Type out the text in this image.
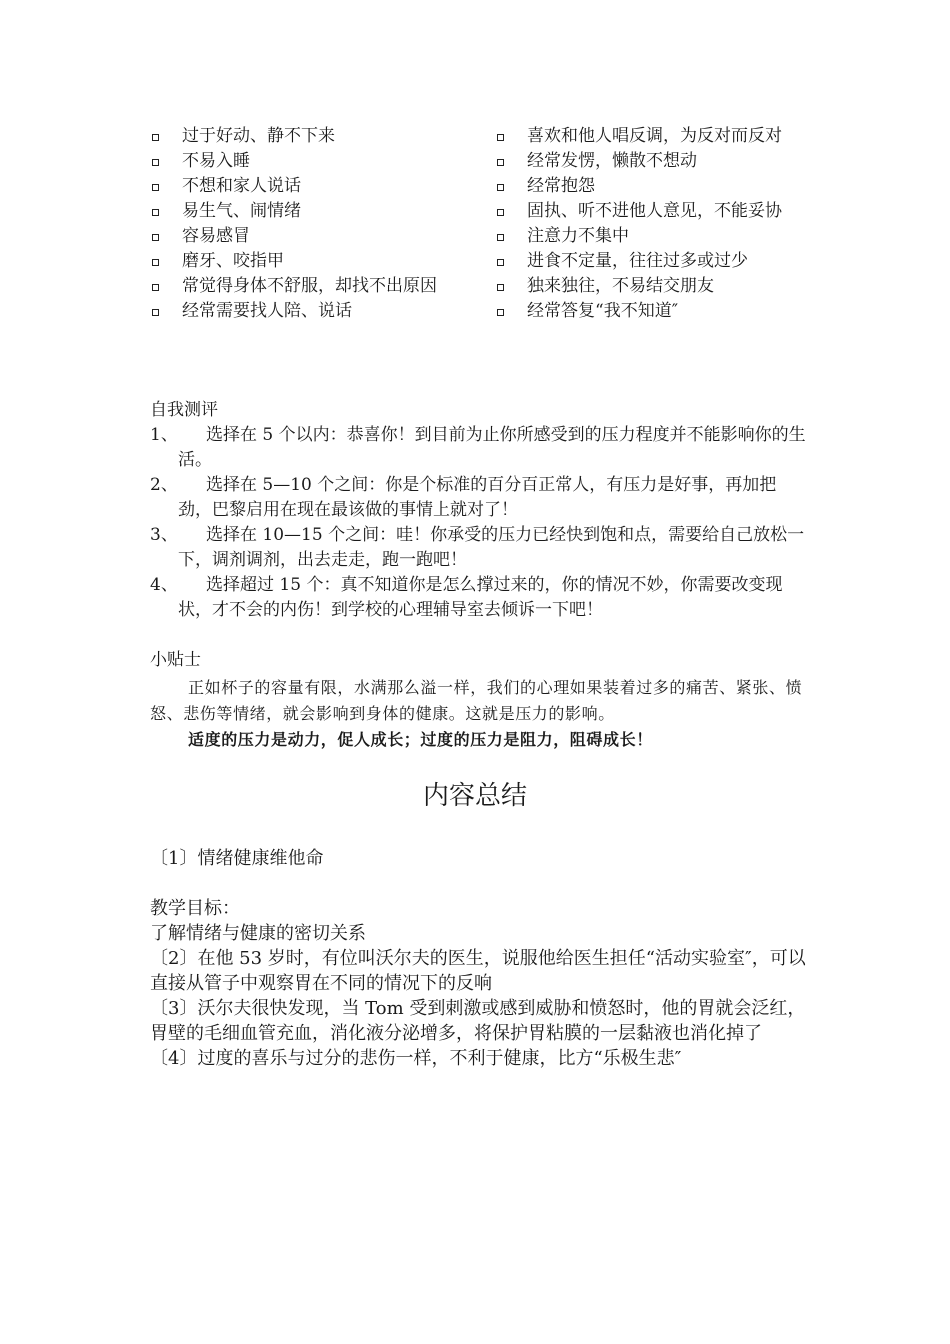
过于好动、静不下来
不易入睡
不想和家人说话
易生气、闹情绪
容易感冒
磨牙、咬指甲
常觉得身体不舒服，却找不出原因
经常需要找人陪、说话
喜欢和他人唱反调，为反对而反对
经常发愣，懒散不想动
经常抱怨
固执、听不进他人意见，不能妥协
注意力不集中
进食不定量，往往过多或过少
独来独往，不易结交朋友
经常答复“我不知道″
自我测评
1、	选择在 5 个以内：恭喜你！到目前为止你所感受到的压力程度并不能影响你的生活。
2、	选择在 5—10 个之间：你是个标准的百分百正常人，有压力是好事，再加把劲，巴黎启用在现在最该做的事情上就对了！
3、	选择在 10—15 个之间：哇！你承受的压力已经快到饱和点，需要给自己放松一下，调剂调剂，出去走走，跑一跑吧！
4、	选择超过 15 个：真不知道你是怎么撑过来的，你的情况不妙，你需要改变现状，才不会的内伤！到学校的心理辅导室去倾诉一下吧！
小贴士
正如杯子的容量有限，水满那么溢一样，我们的心理如果装着过多的痛苦、紧张、愤怒、悲伤等情绪，就会影响到身体的健康。这就是压力的影响。
适度的压力是动力，促人成长；过度的压力是阻力，阻碍成长！
内容总结
〔1〕情绪健康维他命
教学目标：
了解情绪与健康的密切关系
〔2〕在他 53 岁时，有位叫沃尔夫的医生，说服他给医生担任“活动实验室″，可以直接从管子中观察胃在不同的情况下的反响
〔3〕沃尔夫很快发现，当 Tom 受到刺激或感到威胁和愤怒时，他的胃就会泛红，胃壁的毛细血管充血，消化液分泌增多，将保护胃粘膜的一层黏液也消化掉了
〔4〕过度的喜乐与过分的悲伤一样，不利于健康，比方“乐极生悲″
